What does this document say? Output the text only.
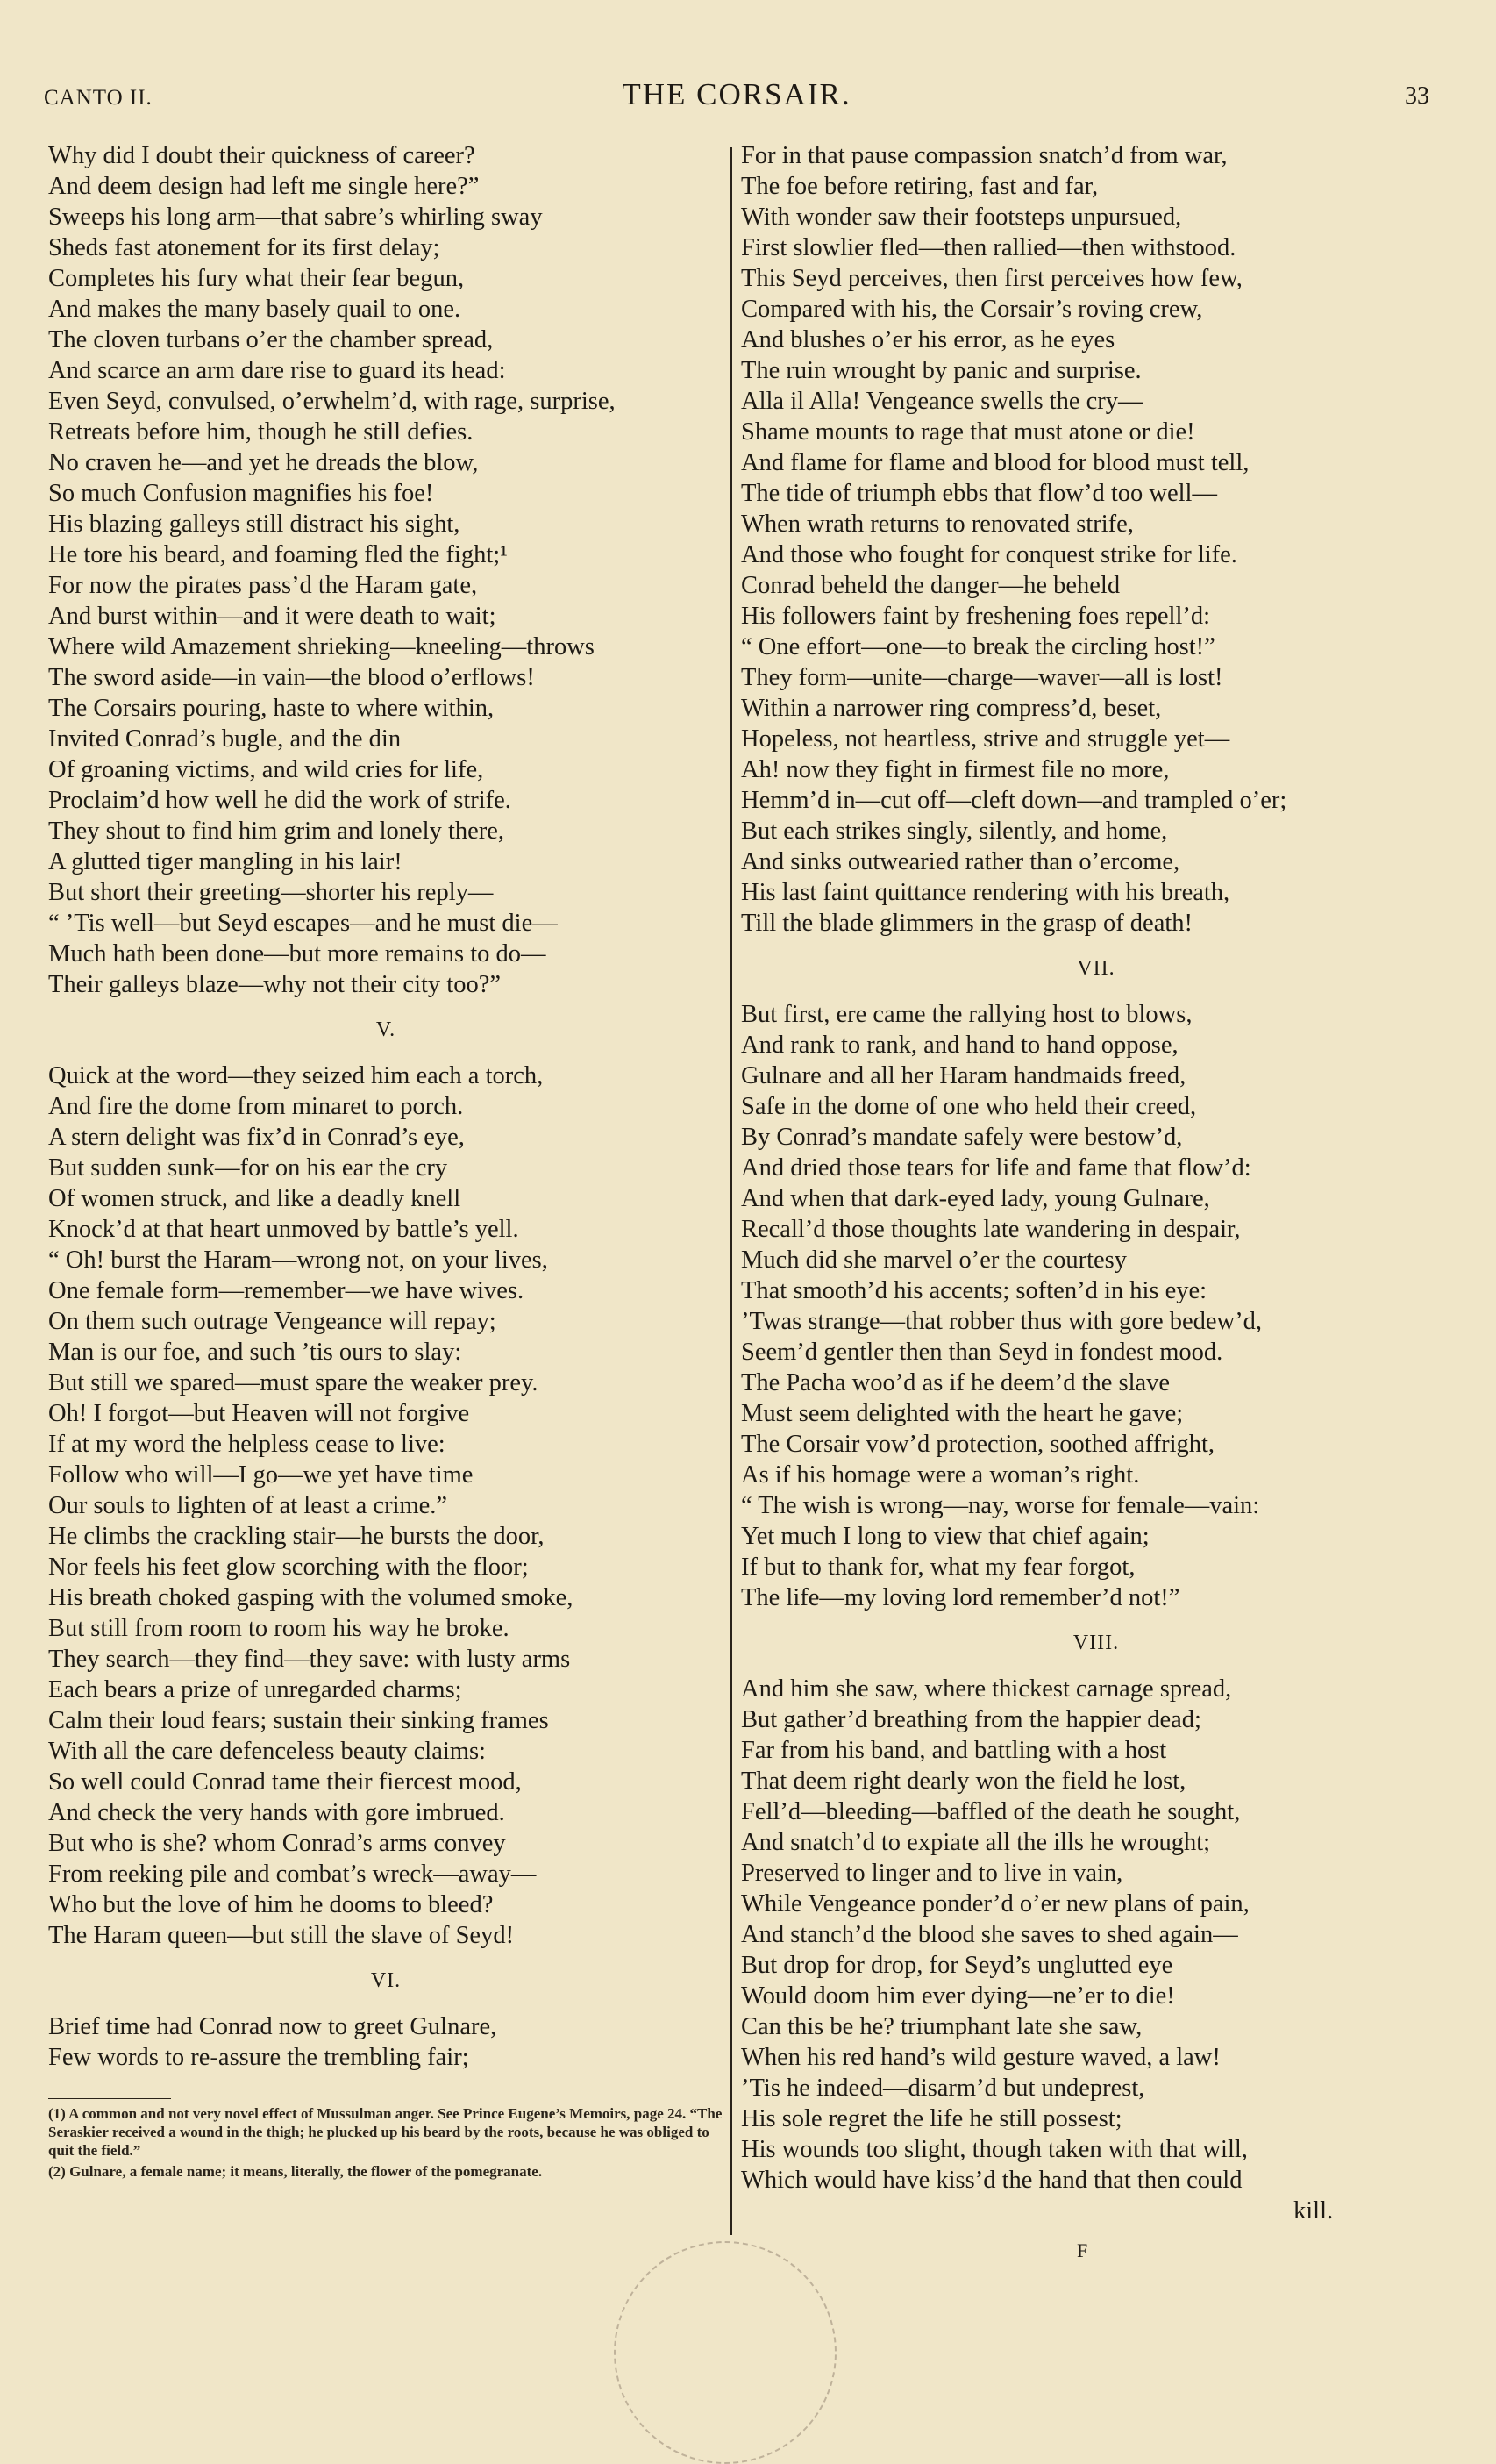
CANTO II.	THE CORSAIR.	33
Why did I doubt their quickness of career?
And deem design had left me single here?”
Sweeps his long arm—that sabre’s whirling sway
Sheds fast atonement for its first delay;
Completes his fury what their fear begun,
And makes the many basely quail to one.
The cloven turbans o’er the chamber spread,
And scarce an arm dare rise to guard its head:
Even Seyd, convulsed, o’erwhelm’d, with rage, surprise,
Retreats before him, though he still defies.
No craven he—and yet he dreads the blow,
So much Confusion magnifies his foe!
His blazing galleys still distract his sight,
He tore his beard, and foaming fled the fight;¹
For now the pirates pass’d the Haram gate,
And burst within—and it were death to wait;
Where wild Amazement shrieking—kneeling—throws
The sword aside—in vain—the blood o’erflows!
The Corsairs pouring, haste to where within,
Invited Conrad’s bugle, and the din
Of groaning victims, and wild cries for life,
Proclaim’d how well he did the work of strife.
They shout to find him grim and lonely there,
A glutted tiger mangling in his lair!
But short their greeting—shorter his reply—
“ ’Tis well—but Seyd escapes—and he must die—
Much hath been done—but more remains to do—
Their galleys blaze—why not their city too?”
V.
Quick at the word—they seized him each a torch,
And fire the dome from minaret to porch.
A stern delight was fix’d in Conrad’s eye,
But sudden sunk—for on his ear the cry
Of women struck, and like a deadly knell
Knock’d at that heart unmoved by battle’s yell.
“ Oh! burst the Haram—wrong not, on your lives,
One female form—remember—we have wives.
On them such outrage Vengeance will repay;
Man is our foe, and such ’tis ours to slay:
But still we spared—must spare the weaker prey.
Oh! I forgot—but Heaven will not forgive
If at my word the helpless cease to live:
Follow who will—I go—we yet have time
Our souls to lighten of at least a crime.”
He climbs the crackling stair—he bursts the door,
Nor feels his feet glow scorching with the floor;
His breath choked gasping with the volumed smoke,
But still from room to room his way he broke.
They search—they find—they save: with lusty arms
Each bears a prize of unregarded charms;
Calm their loud fears; sustain their sinking frames
With all the care defenceless beauty claims:
So well could Conrad tame their fiercest mood,
And check the very hands with gore imbrued.
But who is she? whom Conrad’s arms convey
From reeking pile and combat’s wreck—away—
Who but the love of him he dooms to bleed?
The Haram queen—but still the slave of Seyd!
VI.
Brief time had Conrad now to greet Gulnare,
Few words to re-assure the trembling fair;
For in that pause compassion snatch’d from war,
The foe before retiring, fast and far,
With wonder saw their footsteps unpursued,
First slowlier fled—then rallied—then withstood.
This Seyd perceives, then first perceives how few,
Compared with his, the Corsair’s roving crew,
And blushes o’er his error, as he eyes
The ruin wrought by panic and surprise.
Alla il Alla! Vengeance swells the cry—
Shame mounts to rage that must atone or die!
And flame for flame and blood for blood must tell,
The tide of triumph ebbs that flow’d too well—
When wrath returns to renovated strife,
And those who fought for conquest strike for life.
Conrad beheld the danger—he beheld
His followers faint by freshening foes repell’d:
“ One effort—one—to break the circling host!”
They form—unite—charge—waver—all is lost!
Within a narrower ring compress’d, beset,
Hopeless, not heartless, strive and struggle yet—
Ah! now they fight in firmest file no more,
Hemm’d in—cut off—cleft down—and trampled o’er;
But each strikes singly, silently, and home,
And sinks outwearied rather than o’ercome,
His last faint quittance rendering with his breath,
Till the blade glimmers in the grasp of death!
VII.
But first, ere came the rallying host to blows,
And rank to rank, and hand to hand oppose,
Gulnare and all her Haram handmaids freed,
Safe in the dome of one who held their creed,
By Conrad’s mandate safely were bestow’d,
And dried those tears for life and fame that flow’d:
And when that dark-eyed lady, young Gulnare,
Recall’d those thoughts late wandering in despair,
Much did she marvel o’er the courtesy
That smooth’d his accents; soften’d in his eye:
’Twas strange—that robber thus with gore bedew’d,
Seem’d gentler then than Seyd in fondest mood.
The Pacha woo’d as if he deem’d the slave
Must seem delighted with the heart he gave;
The Corsair vow’d protection, soothed affright,
As if his homage were a woman’s right.
“ The wish is wrong—nay, worse for female—vain:
Yet much I long to view that chief again;
If but to thank for, what my fear forgot,
The life—my loving lord remember’d not!”
VIII.
And him she saw, where thickest carnage spread,
But gather’d breathing from the happier dead;
Far from his band, and battling with a host
That deem right dearly won the field he lost,
Fell’d—bleeding—baffled of the death he sought,
And snatch’d to expiate all the ills he wrought;
Preserved to linger and to live in vain,
While Vengeance ponder’d o’er new plans of pain,
And stanch’d the blood she saves to shed again—
But drop for drop, for Seyd’s unglutted eye
Would doom him ever dying—ne’er to die!
Can this be he? triumphant late she saw,
When his red hand’s wild gesture waved, a law!
’Tis he indeed—disarm’d but undeprest,
His sole regret the life he still possest;
His wounds too slight, though taken with that will,
Which would have kiss’d the hand that then could
kill.
(1) A common and not very novel effect of Mussulman anger. See Prince Eugene’s Memoirs, page 24. “The Seraskier received a wound in the thigh; he plucked up his beard by the roots, because he was obliged to quit the field.”
(2) Gulnare, a female name; it means, literally, the flower of the pomegranate.
F
